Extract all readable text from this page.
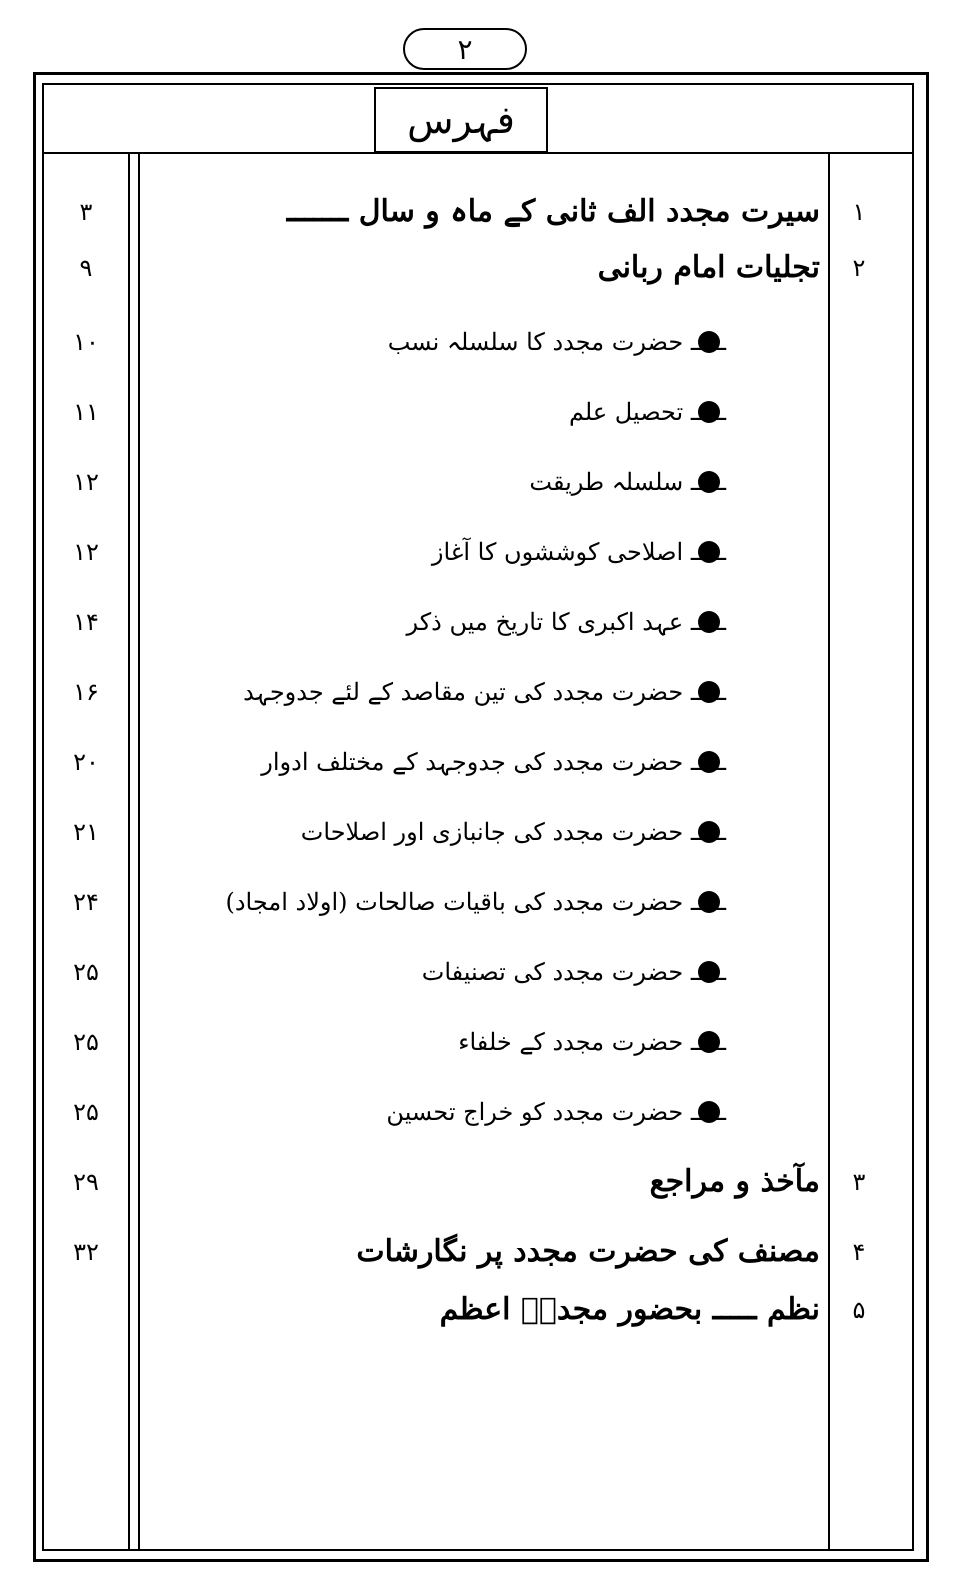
۲
فہرس
۱
سیرت مجدد الف ثانی کے ماہ و سال ـــــــ
۳
۲
تجلیات امام ربانی
۹
ـــــ حضرت مجدد کا سلسلہ نسب
۱۰
ـــــ تحصیل علم
۱۱
ـــــ سلسلہ طریقت
۱۲
ـــــ اصلاحی کوششوں کا آغاز
۱۲
ـــــ عہد اکبری کا تاریخ میں ذکر
۱۴
ـــــ حضرت مجدد کی تین مقاصد کے لئے جدوجہد
۱۶
ـــــ حضرت مجدد کی جدوجہد کے مختلف ادوار
۲۰
ـــــ حضرت مجدد کی جانبازی اور اصلاحات
۲۱
ـــــ حضرت مجدد کی باقیات صالحات (اولاد امجاد)
۲۴
ـــــ حضرت مجدد کی تصنیفات
۲۵
ـــــ حضرت مجدد کے خلفاء
۲۵
ـــــ حضرت مجدد کو خراج تحسین
۲۵
۳
مآخذ و مراجع
۲۹
۴
مصنف کی حضرت مجدد پر نگارشات
۳۲
۵
نظم ـــــ بحضور مجددؒ اعظم
